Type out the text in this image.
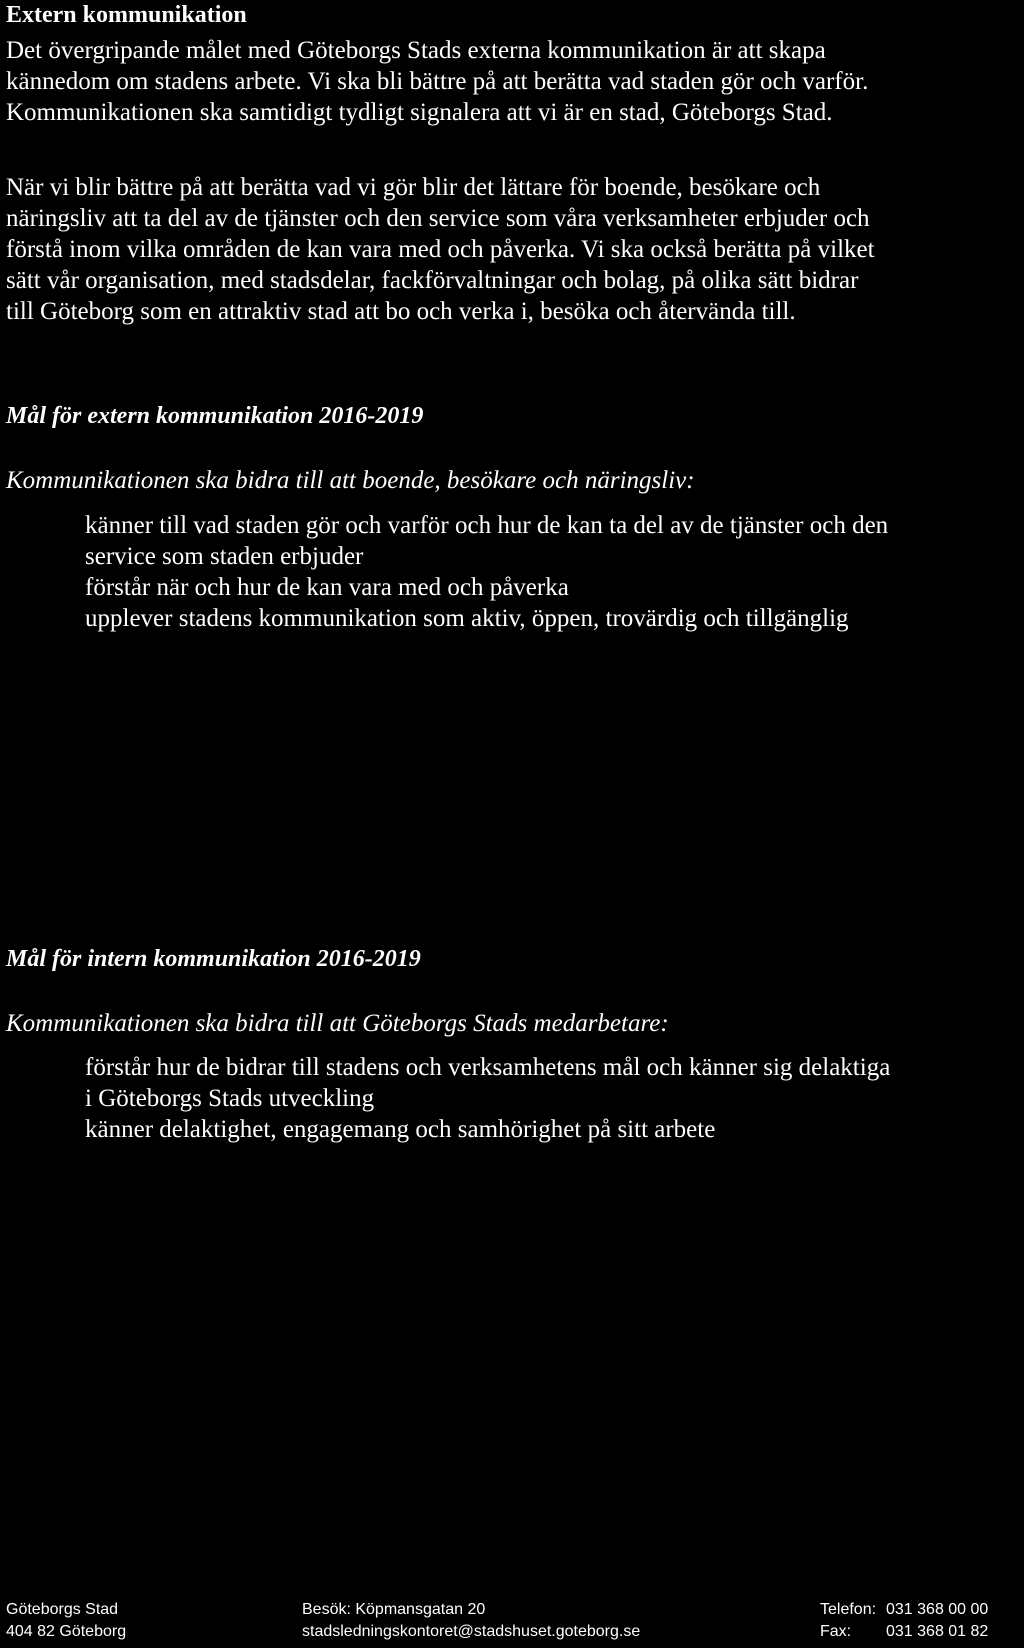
Extern kommunikation
Det övergripande målet med Göteborgs Stads externa kommunikation är att skapa
kännedom om stadens arbete. Vi ska bli bättre på att berätta vad staden gör och varför.
Kommunikationen ska samtidigt tydligt signalera att vi är en stad, Göteborgs Stad.
När vi blir bättre på att berätta vad vi gör blir det lättare för boende, besökare och
näringsliv att ta del av de tjänster och den service som våra verksamheter erbjuder och
förstå inom vilka områden de kan vara med och påverka. Vi ska också berätta på vilket
sätt vår organisation, med stadsdelar, fackförvaltningar och bolag, på olika sätt bidrar
till Göteborg som en attraktiv stad att bo och verka i, besöka och återvända till.
Mål för extern kommunikation 2016-2019
Kommunikationen ska bidra till att boende, besökare och näringsliv:
känner till vad staden gör och varför och hur de kan ta del av de tjänster och den
service som staden erbjuder
förstår när och hur de kan vara med och påverka
upplever stadens kommunikation som aktiv, öppen, trovärdig och tillgänglig
Mål för intern kommunikation 2016-2019
Kommunikationen ska bidra till att Göteborgs Stads medarbetare:
förstår hur de bidrar till stadens och verksamhetens mål och känner sig delaktiga
i Göteborgs Stads utveckling
känner delaktighet, engagemang och samhörighet på sitt arbete
Göteborgs Stad
404 82 Göteborg
Besök: Köpmansgatan 20
stadsledningskontoret@stadshuset.goteborg.se
Telefon: 031 368 00 00
Fax: 031 368 01 82
